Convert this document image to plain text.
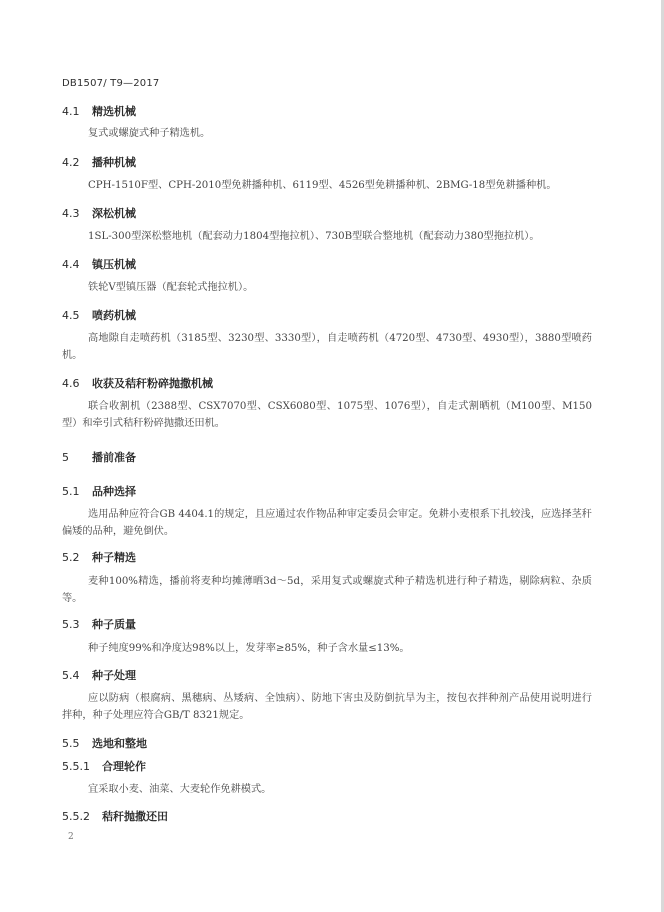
DB1507/ T9—2017
4.1 精选机械
复式或螺旋式种子精选机。
4.2 播种机械
CPH-1510F型、CPH-2010型免耕播种机、6119型、4526型免耕播种机、2BMG-18型免耕播种机。
4.3 深松机械
1SL-300型深松整地机（配套动力1804型拖拉机）、730B型联合整地机（配套动力380型拖拉机）。
4.4 镇压机械
铁轮V型镇压器（配套轮式拖拉机）。
4.5 喷药机械
高地隙自走喷药机（3185型、3230型、3330型），自走喷药机（4720型、4730型、4930型），3880型喷药机。
4.6 收获及秸秆粉碎抛撒机械
联合收割机（2388型、CSX7070型、CSX6080型、1075型、1076型），自走式割晒机（M100型、M150型）和牵引式秸秆粉碎抛撒还田机。
5 播前准备
5.1 品种选择
选用品种应符合GB 4404.1的规定，且应通过农作物品种审定委员会审定。免耕小麦根系下扎较浅，应选择茎秆偏矮的品种，避免倒伏。
5.2 种子精选
麦种100%精选，播前将麦种均摊薄晒3d～5d，采用复式或螺旋式种子精选机进行种子精选，剔除病粒、杂质等。
5.3 种子质量
种子纯度99%和净度达98%以上，发芽率≥85%，种子含水量≤13%。
5.4 种子处理
应以防病（根腐病、黑穗病、丛矮病、全蚀病）、防地下害虫及防倒抗旱为主，按包衣拌种剂产品使用说明进行拌种，种子处理应符合GB/T 8321规定。
5.5 选地和整地
5.5.1 合理轮作
宜采取小麦、油菜、大麦轮作免耕模式。
5.5.2 秸秆抛撒还田
2
